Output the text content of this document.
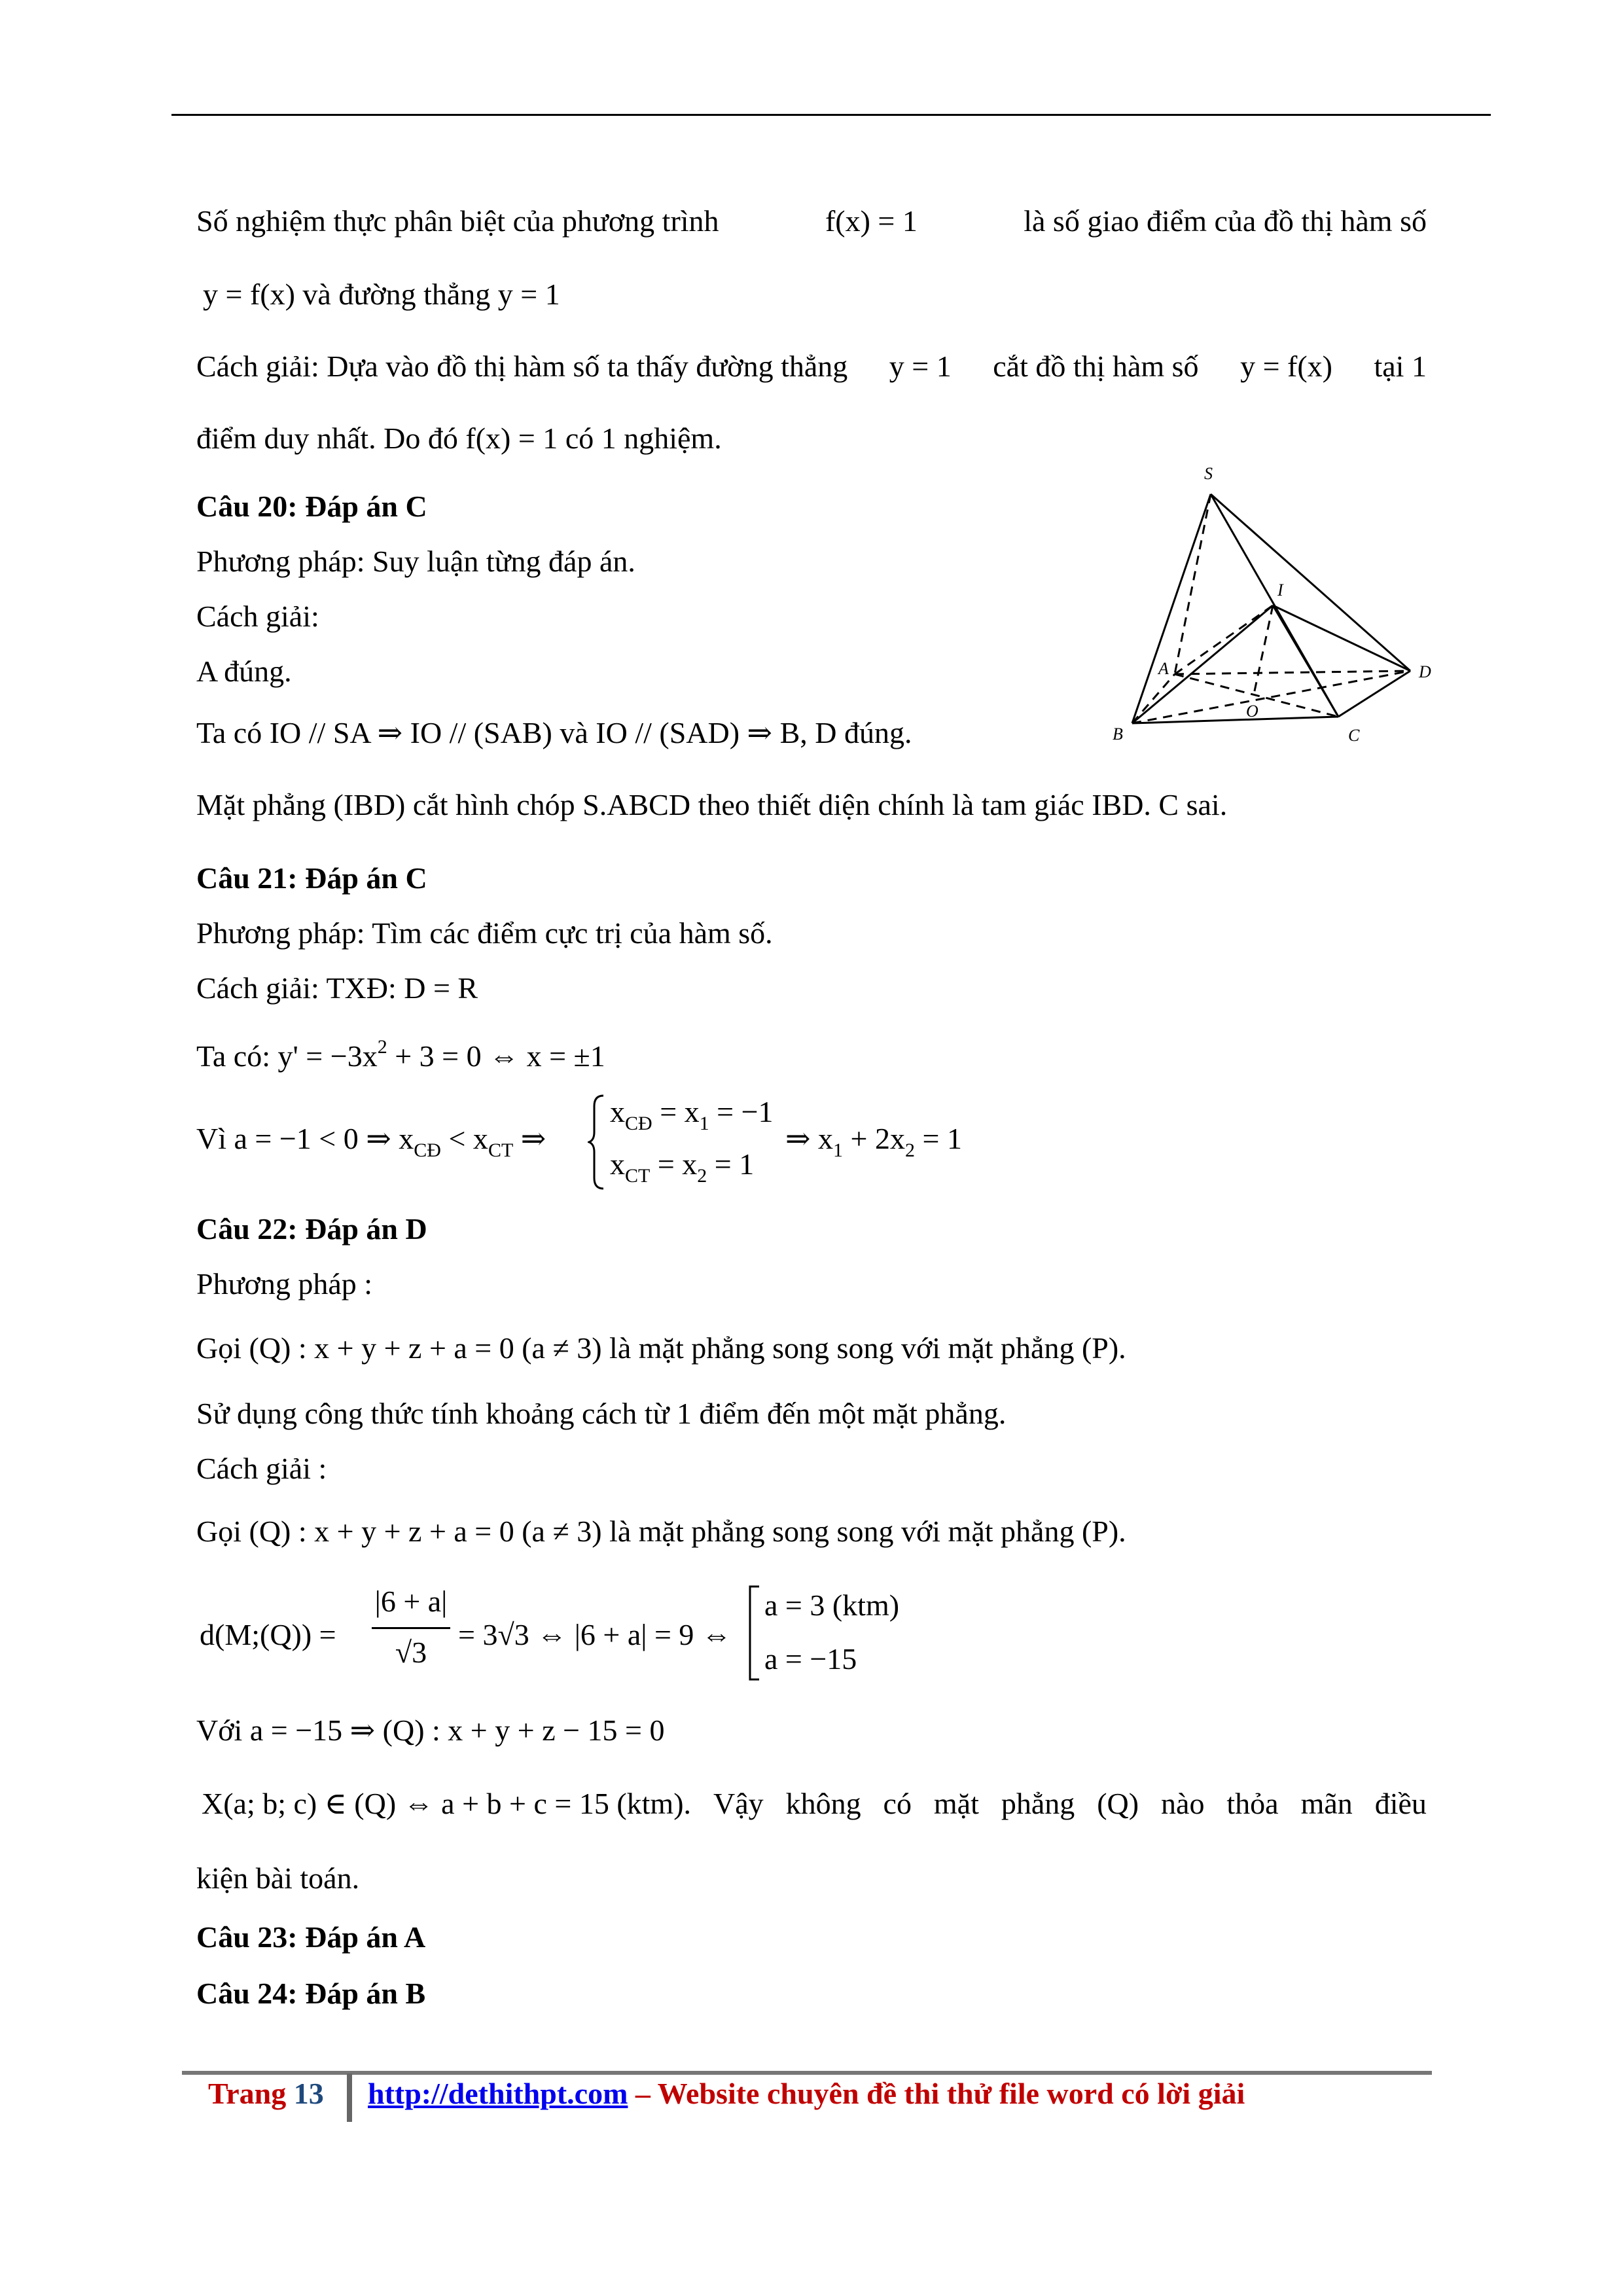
Số nghiệm thực phân biệt của phương trình	f(x) = 1	là số giao điểm của đồ thị hàm số
y = f(x) và đường thẳng y = 1
Cách giải: Dựa vào đồ thị hàm số ta thấy đường thẳng y = 1 cắt đồ thị hàm số y = f(x) tại 1
điểm duy nhất. Do đó f(x) = 1 có 1 nghiệm.
Câu 20: Đáp án C
Phương pháp: Suy luận từng đáp án.
Cách giải:
A đúng.
Ta có IO // SA ⇒ IO // (SAB) và IO // (SAD) ⇒ B, D đúng.
Mặt phẳng (IBD) cắt hình chóp S.ABCD theo thiết diện chính là tam giác IBD. C sai.
S
I
A	D
O
B	C
Câu 21: Đáp án C
Phương pháp: Tìm các điểm cực trị của hàm số.
Cách giải: TXĐ: D = R
Ta có: $y' = -3x^2 + 3 = 0$ ⇔ x = ±1
Vì a = −1 < 0 ⇒ $x_{CĐ} < x_{CT}$ ⇒
$x_{CĐ} = x_1 = -1$
$x_{CT} = x_2 = 1$
⇒ $x_1 + 2x_2 = 1$
Câu 22: Đáp án D
Phương pháp :
Gọi (Q) : x + y + z + a = 0 (a ≠ 3) là mặt phẳng song song với mặt phẳng (P).
Sử dụng công thức tính khoảng cách từ 1 điểm đến một mặt phẳng.
Cách giải :
Gọi (Q) : x + y + z + a = 0 (a ≠ 3) là mặt phẳng song song với mặt phẳng (P).
d(M;(Q)) =
|6 + a|
√3
= 3√3 ⇔ |6 + a| = 9 ⇔
a = 3 (ktm)
a = −15
Với a = −15 ⇒ (Q) : x + y + z − 15 = 0
X(a; b; c) ∈ (Q) ⇔ a + b + c = 15 (ktm). Vậy không có mặt phẳng (Q) nào thỏa mãn điều
kiện bài toán.
Câu 23: Đáp án A
Câu 24: Đáp án B
Trang 13 http://dethithpt.com – Website chuyên đề thi thử file word có lời giải
